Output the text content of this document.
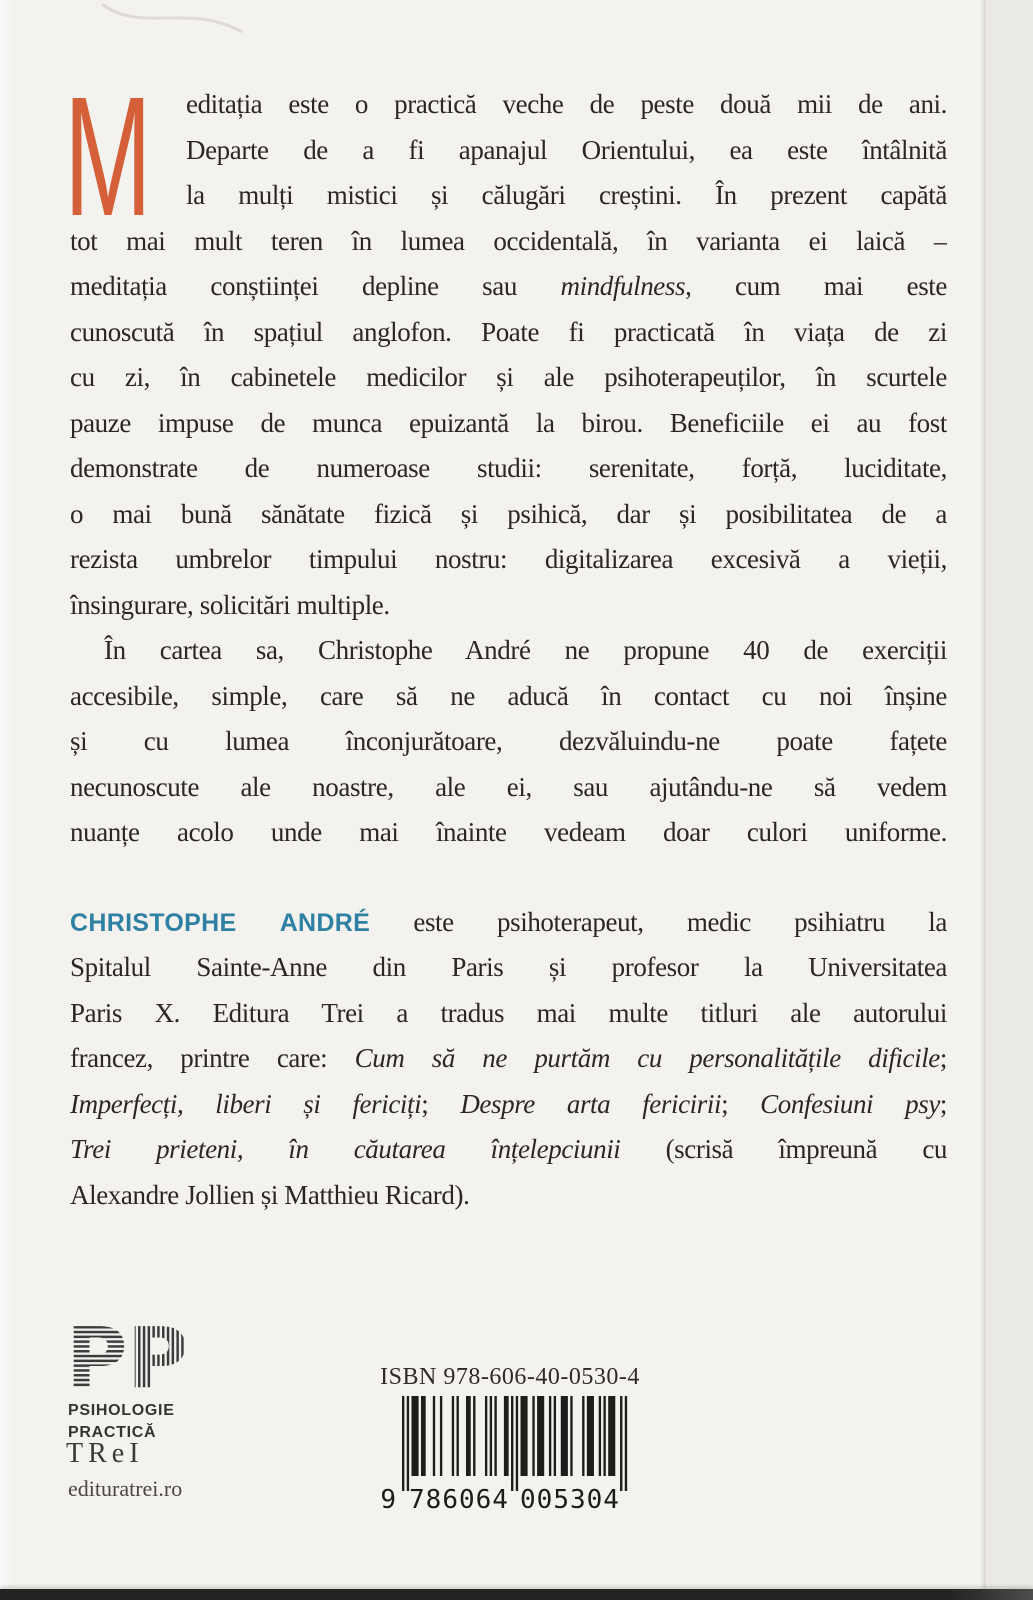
M	editația este o practică veche de peste două mii de ani.
Departe de a fi apanajul Orientului, ea este întâlnită
la mulți mistici și călugări creștini. În prezent capătă
tot mai mult teren în lumea occidentală, în varianta ei laică –
meditația conștiinței depline sau mindfulness, cum mai este
cunoscută în spațiul anglofon. Poate fi practicată în viața de zi
cu zi, în cabinetele medicilor și ale psihoterapeuților, în scurtele
pauze impuse de munca epuizantă la birou. Beneficiile ei au fost
demonstrate de numeroase studii: serenitate, forță, luciditate,
o mai bună sănătate fizică și psihică, dar și posibilitatea de a
rezista umbrelor timpului nostru: digitalizarea excesivă a vieții,
însingurare, solicitări multiple.
În cartea sa, Christophe André ne propune 40 de exerciții
accesibile, simple, care să ne aducă în contact cu noi înșine
și cu lumea înconjurătoare, dezvăluindu-ne poate fațete
necunoscute ale noastre, ale ei, sau ajutându-ne să vedem
nuanțe acolo unde mai înainte vedeam doar culori uniforme.
CHRISTOPHE ANDRÉ este psihoterapeut, medic psihiatru la
Spitalul Sainte-Anne din Paris și profesor la Universitatea
Paris X. Editura Trei a tradus mai multe titluri ale autorului
francez, printre care: Cum să ne purtăm cu personalitățile dificile;
Imperfecți, liberi și fericiți; Despre arta fericirii; Confesiuni psy;
Trei prieteni, în căutarea înțelepciunii (scrisă împreună cu
Alexandre Jollien și Matthieu Ricard).
P P
PSIHOLOGIE
PRACTICĂ
TReI
edituratrei.ro
ISBN 978-606-40-0530-4
9 786064 005304
